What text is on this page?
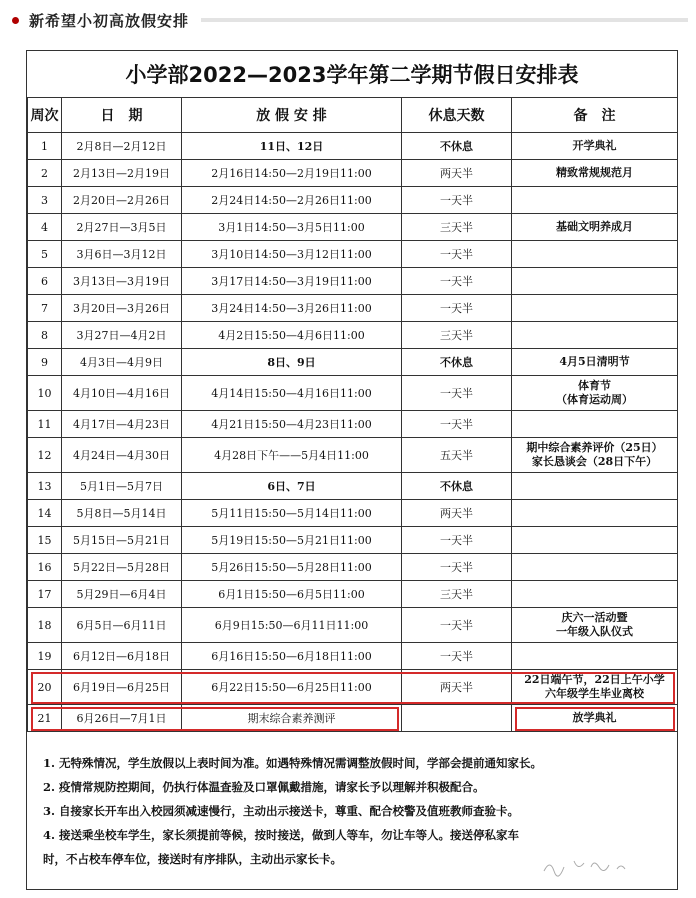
新希望小初高放假安排
小学部2022—2023学年第二学期节假日安排表
周次	日　期	放 假 安 排	休息天数	备　注
1	2月8日—2月12日	11日、12日	不休息	开学典礼

2	2月13日—2月19日	2月16日14:50—2月19日11:00	两天半	精致常规规范月

3	2月20日—2月26日	2月24日14:50—2月26日11:00	一天半	

4	2月27日—3月5日	3月1日14:50—3月5日11:00	三天半	基础文明养成月

5	3月6日—3月12日	3月10日14:50—3月12日11:00	一天半	

6	3月13日—3月19日	3月17日14:50—3月19日11:00	一天半	

7	3月20日—3月26日	3月24日14:50—3月26日11:00	一天半	

8	3月27日—4月2日	4月2日15:50—4月6日11:00	三天半	

9	4月3日—4月9日	8日、9日	不休息	4月5日清明节

10	4月10日—4月16日	4月14日15:50—4月16日11:00	一天半	体育节
（体育运动周）

11	4月17日—4月23日	4月21日15:50—4月23日11:00	一天半	

12	4月24日—4月30日	4月28日下午——5月4日11:00	五天半	期中综合素养评价（25日）
家长恳谈会（28日下午）

13	5月1日—5月7日	6日、7日	不休息	

14	5月8日—5月14日	5月11日15:50—5月14日11:00	两天半	

15	5月15日—5月21日	5月19日15:50—5月21日11:00	一天半	

16	5月22日—5月28日	5月26日15:50—5月28日11:00	一天半	

17	5月29日—6月4日	6月1日15:50—6月5日11:00	三天半	

18	6月5日—6月11日	6月9日15:50—6月11日11:00	一天半	庆六一活动暨
一年级入队仪式

19	6月12日—6月18日	6月16日15:50—6月18日11:00	一天半	

20	6月19日—6月25日	6月22日15:50—6月25日11:00	两天半	22日端午节，22日上午小学
六年级学生毕业离校

21	6月26日—7月1日	期末综合素养测评		放学典礼

1. 无特殊情况，学生放假以上表时间为准。如遇特殊情况需调整放假时间，学部会提前通知家长。

2. 疫情常规防控期间，仍执行体温查验及口罩佩戴措施，请家长予以理解并积极配合。

3. 自接家长开车出入校园须减速慢行，主动出示接送卡，尊重、配合校警及值班教师查验卡。

4. 接送乘坐校车学生，家长须提前等候，按时接送，做到人等车，勿让车等人。接送停私家车

时，不占校车停车位，接送时有序排队，主动出示家长卡。
